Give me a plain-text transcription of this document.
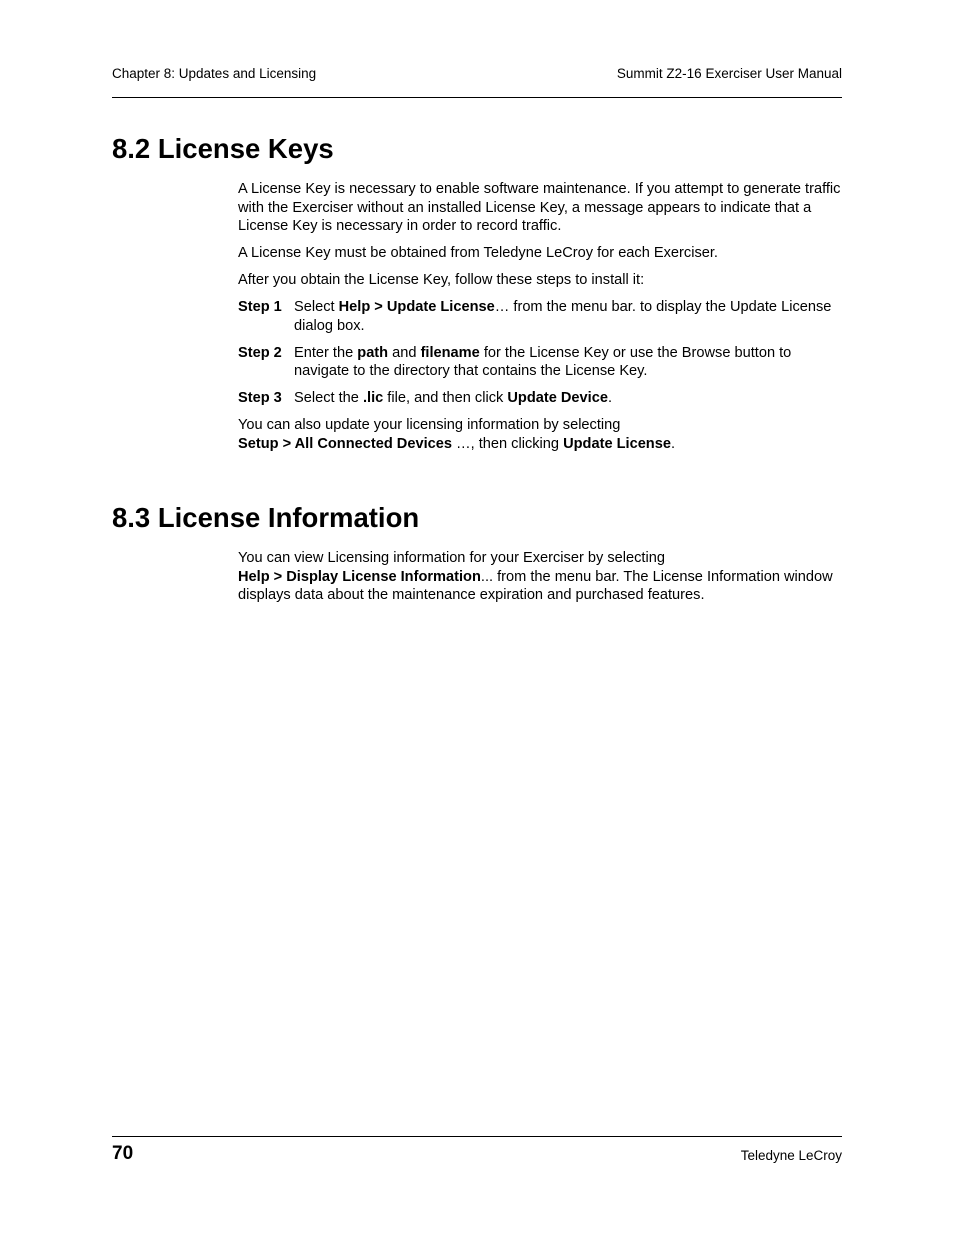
Chapter 8: Updates and Licensing	Summit Z2-16 Exerciser User Manual
8.2 License Keys

A License Key is necessary to enable software maintenance. If you attempt to generate traffic with the Exerciser without an installed License Key, a message appears to indicate that a License Key is necessary in order to record traffic.

A License Key must be obtained from Teledyne LeCroy for each Exerciser.

After you obtain the License Key, follow these steps to install it:

Step 1 Select Help > Update License… from the menu bar. to display the Update License dialog box.
Step 2 Enter the path and filename for the License Key or use the Browse button to navigate to the directory that contains the License Key.
Step 3 Select the .lic file, and then click Update Device.

You can also update your licensing information by selecting
Setup > All Connected Devices …, then clicking Update License.

8.3 License Information

You can view Licensing information for your Exerciser by selecting
Help > Display License Information... from the menu bar. The License Information window displays data about the maintenance expiration and purchased features.

70	Teledyne LeCroy
